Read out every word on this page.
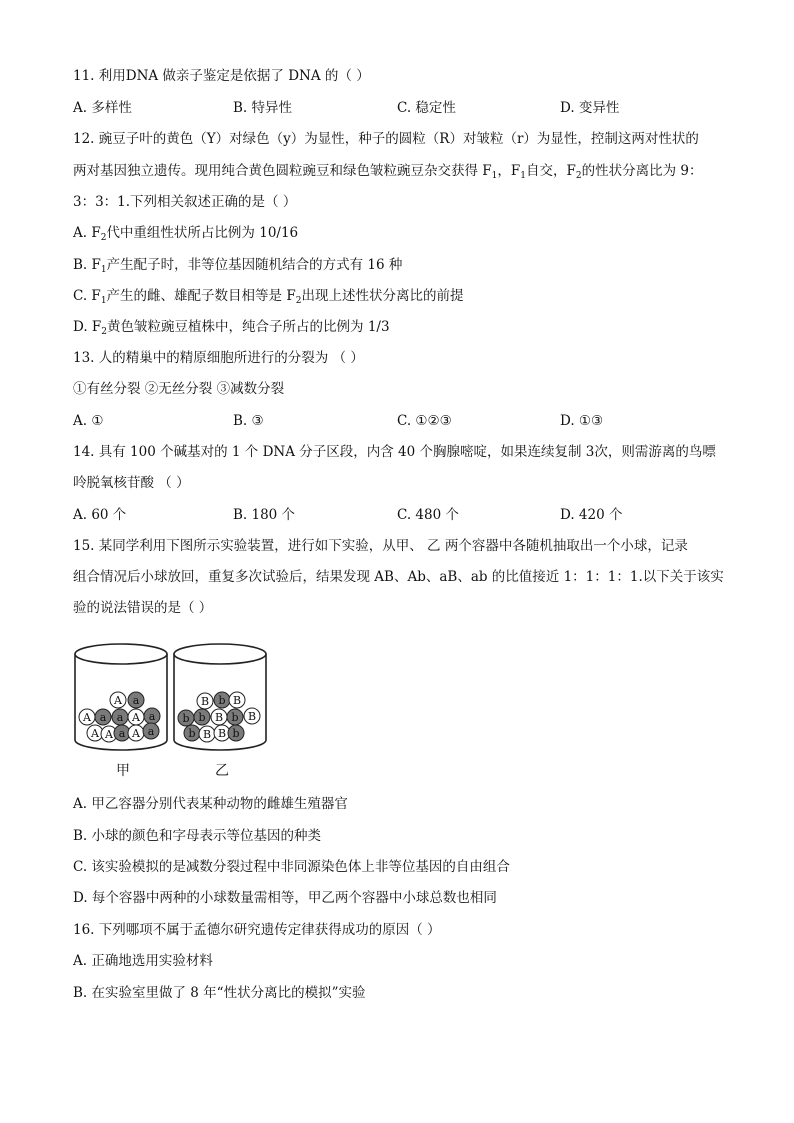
11. 利用DNA 做亲子鉴定是依据了 DNA 的（ ）
A. 多样性	B. 特异性	C. 稳定性	D. 变异性
12. 豌豆子叶的黄色（Y）对绿色（y）为显性，种子的圆粒（R）对皱粒（r）为显性，控制这两对性状的
两对基因独立遗传。现用纯合黄色圆粒豌豆和绿色皱粒豌豆杂交获得 $F_1$，$F_1$自交，$F_2$的性状分离比为 9：
3：3：1.下列相关叙述正确的是（ ）
A. $F_2$代中重组性状所占比例为 10/16
B. $F_1$产生配子时，非等位基因随机结合的方式有 16 种
C. $F_1$产生的雌、雄配子数目相等是 $F_2$出现上述性状分离比的前提
D. $F_2$黄色皱粒豌豆植株中，纯合子所占的比例为 1/3
13. 人的精巢中的精原细胞所进行的分裂为 （ ）
①有丝分裂 ②无丝分裂 ③减数分裂
A. ①	B. ③	C. ①②③	D. ①③
14. 具有 100 个碱基对的 1 个 DNA 分子区段，内含 40 个胸腺嘧啶，如果连续复制 3次，则需游离的鸟嘌
呤脱氧核苷酸 （ ）
A. 60 个	B. 180 个	C. 480 个	D. 420 个
15. 某同学利用下图所示实验装置，进行如下实验，从甲、 乙 两个容器中各随机抽取出一个小球，记录
组合情况后小球放回，重复多次试验后，结果发现 AB、Ab、aB、ab 的比值接近 1：1：1：1.以下关于该实
验的说法错误的是（ ）
A a
A a a A a
A A a A a
B b B
b b B b B
b B B b
甲	乙
A. 甲乙容器分别代表某种动物的雌雄生殖器官
B. 小球的颜色和字母表示等位基因的种类
C. 该实验模拟的是减数分裂过程中非同源染色体上非等位基因的自由组合
D. 每个容器中两种的小球数量需相等，甲乙两个容器中小球总数也相同
16. 下列哪项不属于孟德尔研究遗传定律获得成功的原因（ ）
A. 正确地选用实验材料
B. 在实验室里做了 8 年“性状分离比的模拟”实验
